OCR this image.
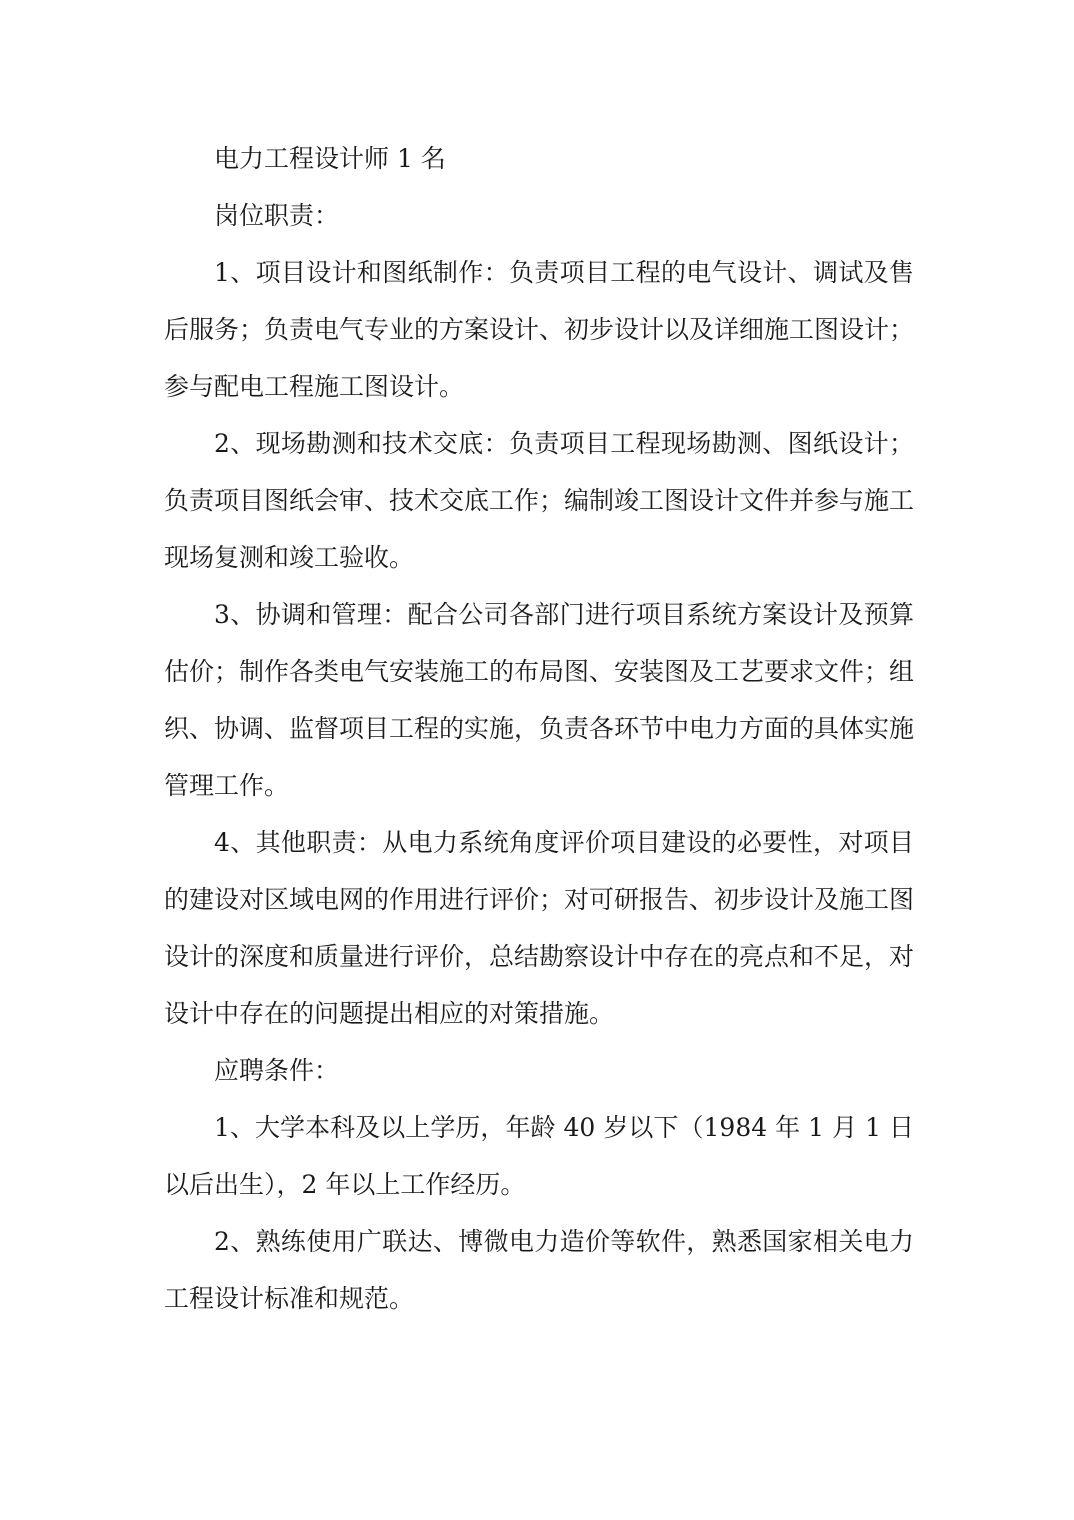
电力工程设计师 1 名

岗位职责：

1、项目设计和图纸制作：负责项目工程的电气设计、调试及售后服务；负责电气专业的方案设计、初步设计以及详细施工图设计；参与配电工程施工图设计。

2、现场勘测和技术交底：负责项目工程现场勘测、图纸设计；负责项目图纸会审、技术交底工作；编制竣工图设计文件并参与施工现场复测和竣工验收。

3、协调和管理：配合公司各部门进行项目系统方案设计及预算估价；制作各类电气安装施工的布局图、安装图及工艺要求文件；组织、协调、监督项目工程的实施，负责各环节中电力方面的具体实施管理工作。

4、其他职责：从电力系统角度评价项目建设的必要性，对项目的建设对区域电网的作用进行评价；对可研报告、初步设计及施工图设计的深度和质量进行评价，总结勘察设计中存在的亮点和不足，对设计中存在的问题提出相应的对策措施。

应聘条件：

1、大学本科及以上学历，年龄 40 岁以下（1984 年 1 月 1 日以后出生），2 年以上工作经历。

2、熟练使用广联达、博微电力造价等软件，熟悉国家相关电力工程设计标准和规范。
